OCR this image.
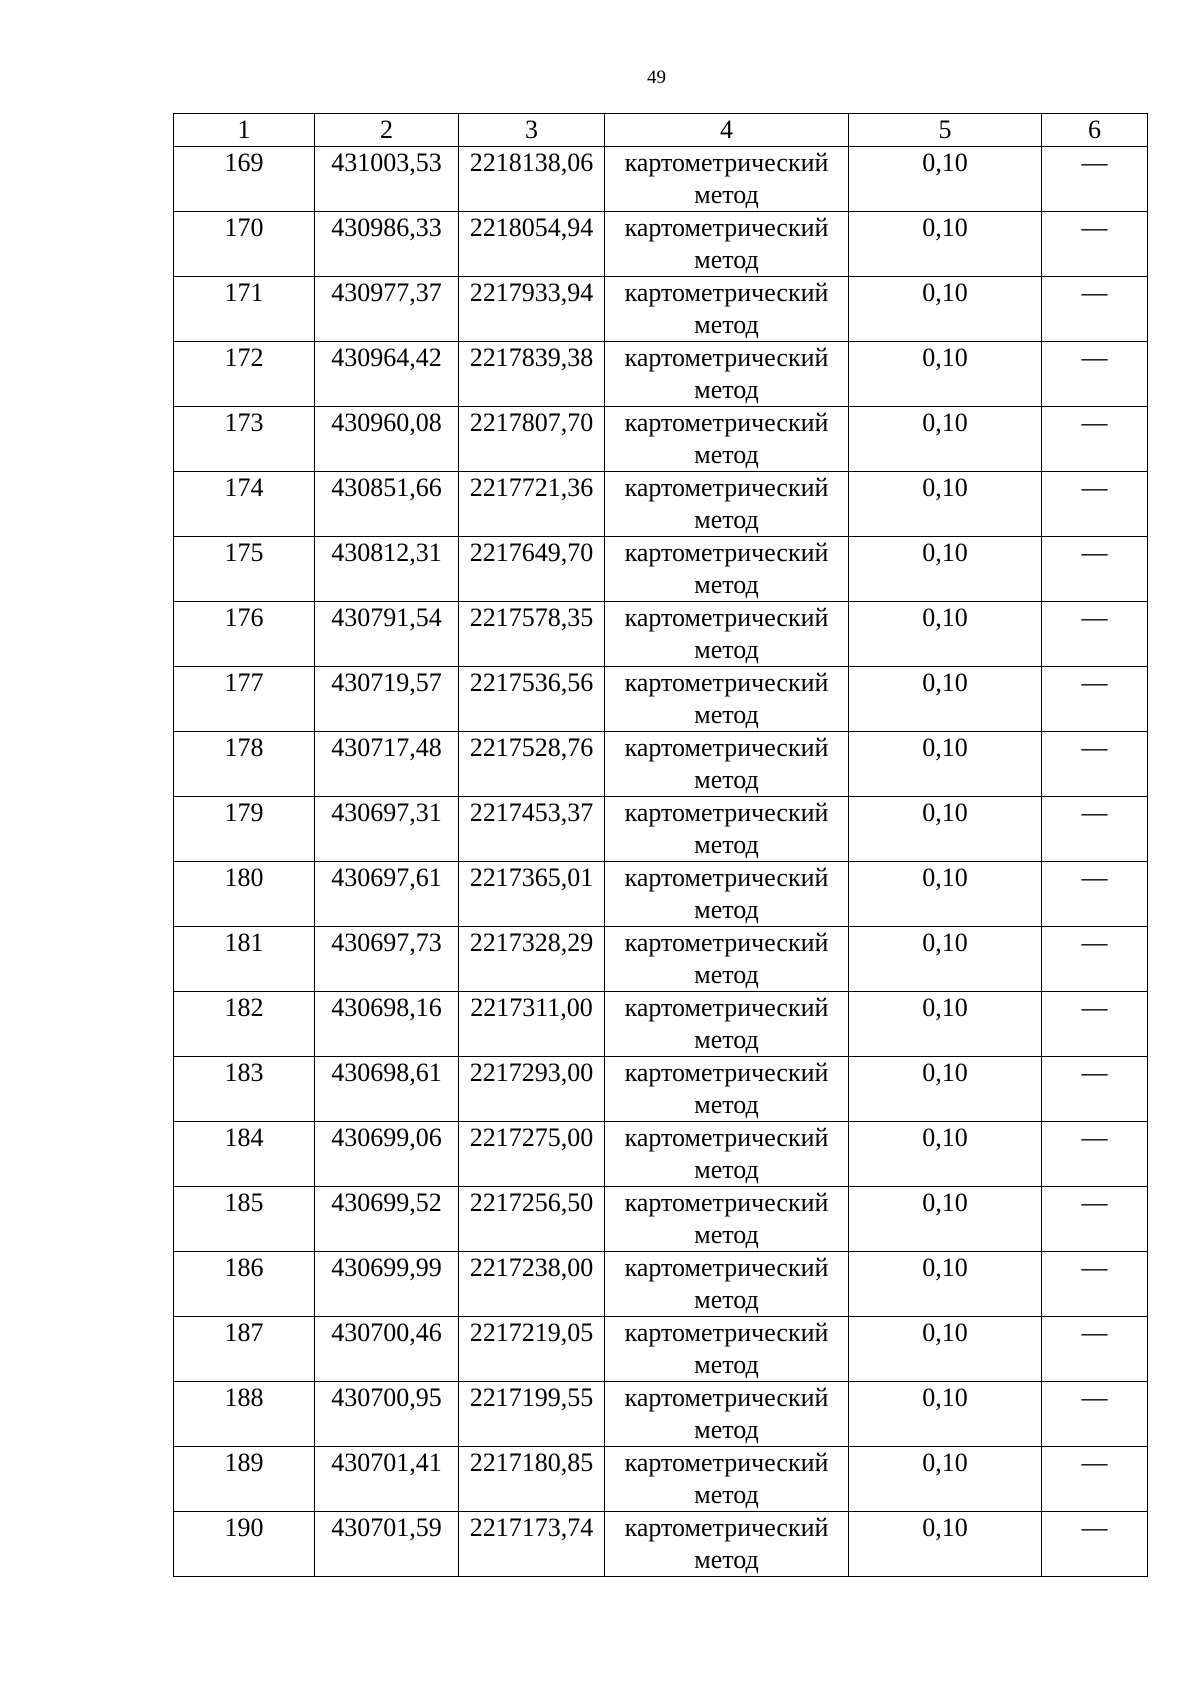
49
1	2	3	4	5	6
169	431003,53	2218138,06	картометрический метод	0,10	—
170	430986,33	2218054,94	картометрический метод	0,10	—
171	430977,37	2217933,94	картометрический метод	0,10	—
172	430964,42	2217839,38	картометрический метод	0,10	—
173	430960,08	2217807,70	картометрический метод	0,10	—
174	430851,66	2217721,36	картометрический метод	0,10	—
175	430812,31	2217649,70	картометрический метод	0,10	—
176	430791,54	2217578,35	картометрический метод	0,10	—
177	430719,57	2217536,56	картометрический метод	0,10	—
178	430717,48	2217528,76	картометрический метод	0,10	—
179	430697,31	2217453,37	картометрический метод	0,10	—
180	430697,61	2217365,01	картометрический метод	0,10	—
181	430697,73	2217328,29	картометрический метод	0,10	—
182	430698,16	2217311,00	картометрический метод	0,10	—
183	430698,61	2217293,00	картометрический метод	0,10	—
184	430699,06	2217275,00	картометрический метод	0,10	—
185	430699,52	2217256,50	картометрический метод	0,10	—
186	430699,99	2217238,00	картометрический метод	0,10	—
187	430700,46	2217219,05	картометрический метод	0,10	—
188	430700,95	2217199,55	картометрический метод	0,10	—
189	430701,41	2217180,85	картометрический метод	0,10	—
190	430701,59	2217173,74	картометрический метод	0,10	—
